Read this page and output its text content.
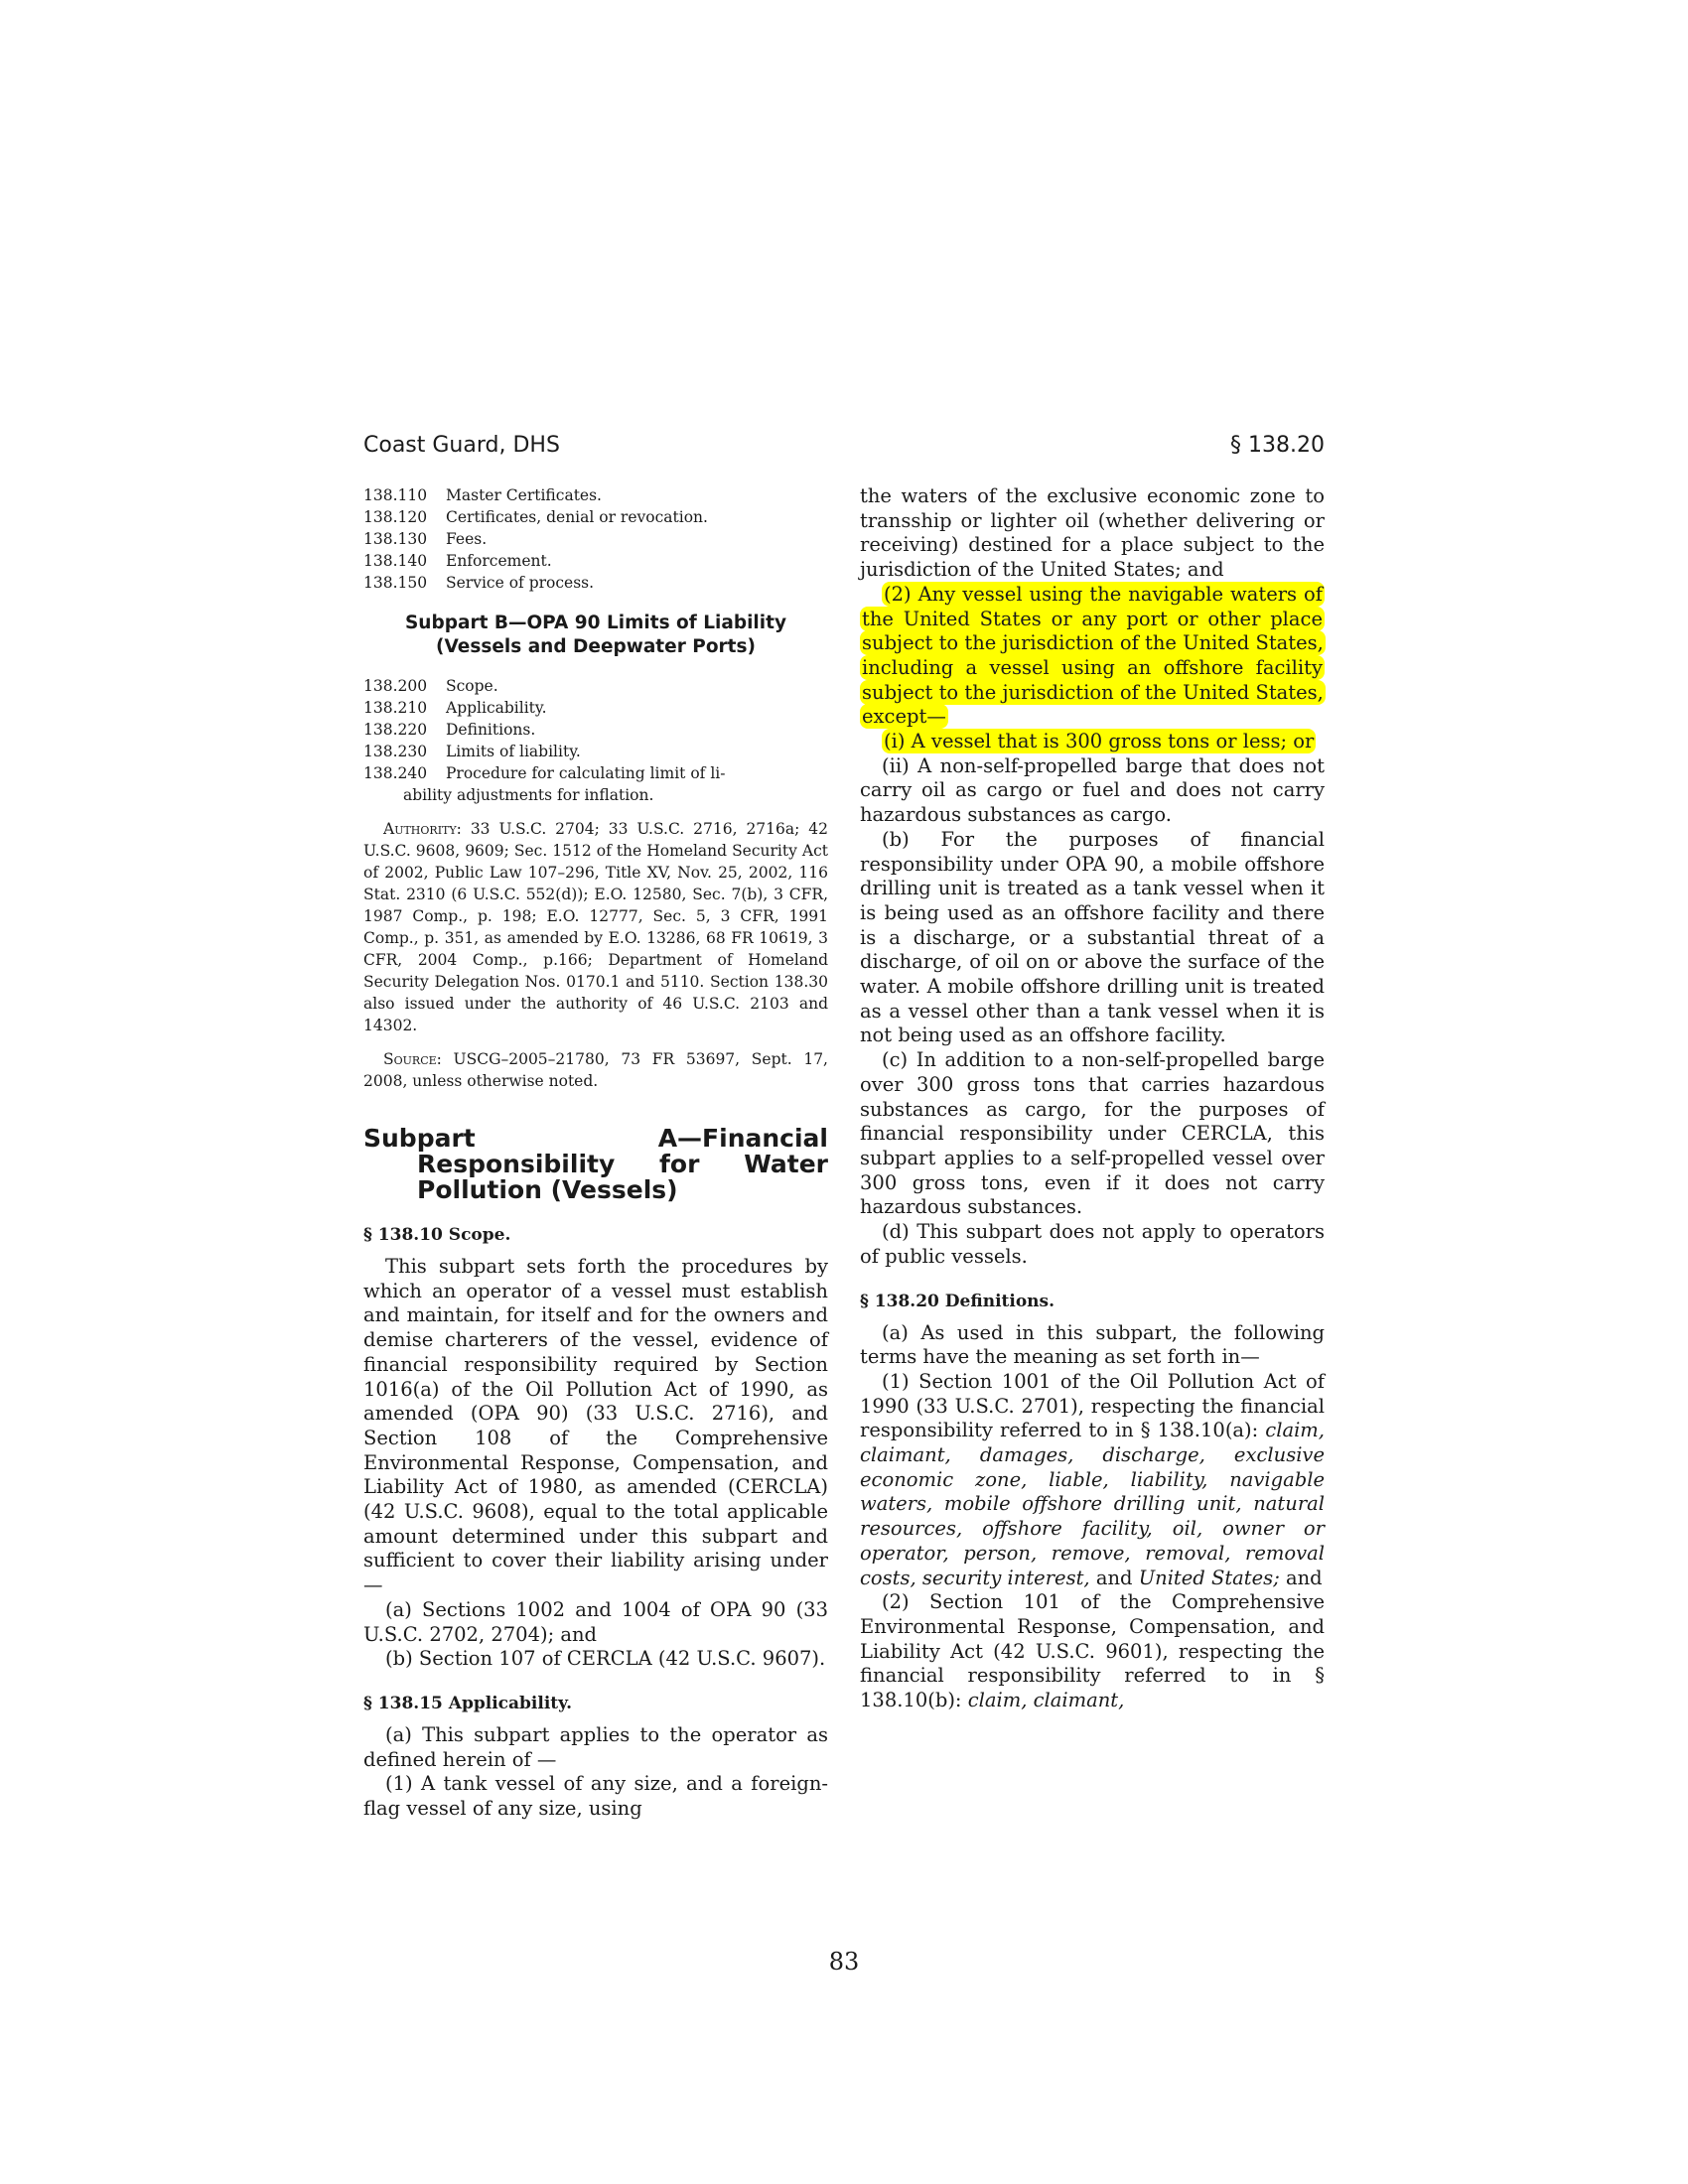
Coast Guard, DHS	§ 138.20
138.110	Master Certificates.
138.120	Certificates, denial or revocation.
138.130	Fees.
138.140	Enforcement.
138.150	Service of process.
Subpart B—OPA 90 Limits of Liability
(Vessels and Deepwater Ports)
138.200	Scope.
138.210	Applicability.
138.220	Definitions.
138.230	Limits of liability.
138.240	Procedure for calculating limit of li-
ability adjustments for inflation.

Authority: 33 U.S.C. 2704; 33 U.S.C. 2716, 2716a; 42 U.S.C. 9608, 9609; Sec. 1512 of the Homeland Security Act of 2002, Public Law 107–296, Title XV, Nov. 25, 2002, 116 Stat. 2310 (6 U.S.C. 552(d)); E.O. 12580, Sec. 7(b), 3 CFR, 1987 Comp., p. 198; E.O. 12777, Sec. 5, 3 CFR, 1991 Comp., p. 351, as amended by E.O. 13286, 68 FR 10619, 3 CFR, 2004 Comp., p.166; Department of Homeland Security Delegation Nos. 0170.1 and 5110. Section 138.30 also issued under the authority of 46 U.S.C. 2103 and 14302.

Source: USCG–2005–21780, 73 FR 53697, Sept. 17, 2008, unless otherwise noted.

Subpart A—Financial Responsibility for Water Pollution (Vessels)
§ 138.10 Scope.

This subpart sets forth the procedures by which an operator of a vessel must establish and maintain, for itself and for the owners and demise charterers of the vessel, evidence of financial responsibility required by Section 1016(a) of the Oil Pollution Act of 1990, as amended (OPA 90) (33 U.S.C. 2716), and Section 108 of the Comprehensive Environmental Response, Compensation, and Liability Act of 1980, as amended (CERCLA) (42 U.S.C. 9608), equal to the total applicable amount determined under this subpart and sufficient to cover their liability arising under—

(a) Sections 1002 and 1004 of OPA 90 (33 U.S.C. 2702, 2704); and

(b) Section 107 of CERCLA (42 U.S.C. 9607).

§ 138.15 Applicability.

(a) This subpart applies to the operator as defined herein of —

(1) A tank vessel of any size, and a foreign-flag vessel of any size, using

the waters of the exclusive economic zone to transship or lighter oil (whether delivering or receiving) destined for a place subject to the jurisdiction of the United States; and

(2) Any vessel using the navigable waters of the United States or any port or other place subject to the jurisdiction of the United States, including a vessel using an offshore facility subject to the jurisdiction of the United States, except—

(i) A vessel that is 300 gross tons or less; or

(ii) A non-self-propelled barge that does not carry oil as cargo or fuel and does not carry hazardous substances as cargo.

(b) For the purposes of financial responsibility under OPA 90, a mobile offshore drilling unit is treated as a tank vessel when it is being used as an offshore facility and there is a discharge, or a substantial threat of a discharge, of oil on or above the surface of the water. A mobile offshore drilling unit is treated as a vessel other than a tank vessel when it is not being used as an offshore facility.

(c) In addition to a non-self-propelled barge over 300 gross tons that carries hazardous substances as cargo, for the purposes of financial responsibility under CERCLA, this subpart applies to a self-propelled vessel over 300 gross tons, even if it does not carry hazardous substances.

(d) This subpart does not apply to operators of public vessels.

§ 138.20 Definitions.

(a) As used in this subpart, the following terms have the meaning as set forth in—

(1) Section 1001 of the Oil Pollution Act of 1990 (33 U.S.C. 2701), respecting the financial responsibility referred to in § 138.10(a): claim, claimant, damages, discharge, exclusive economic zone, liable, liability, navigable waters, mobile offshore drilling unit, natural resources, offshore facility, oil, owner or operator, person, remove, removal, removal costs, security interest, and United States; and

(2) Section 101 of the Comprehensive Environmental Response, Compensation, and Liability Act (42 U.S.C. 9601), respecting the financial responsibility referred to in § 138.10(b): claim, claimant,

83
